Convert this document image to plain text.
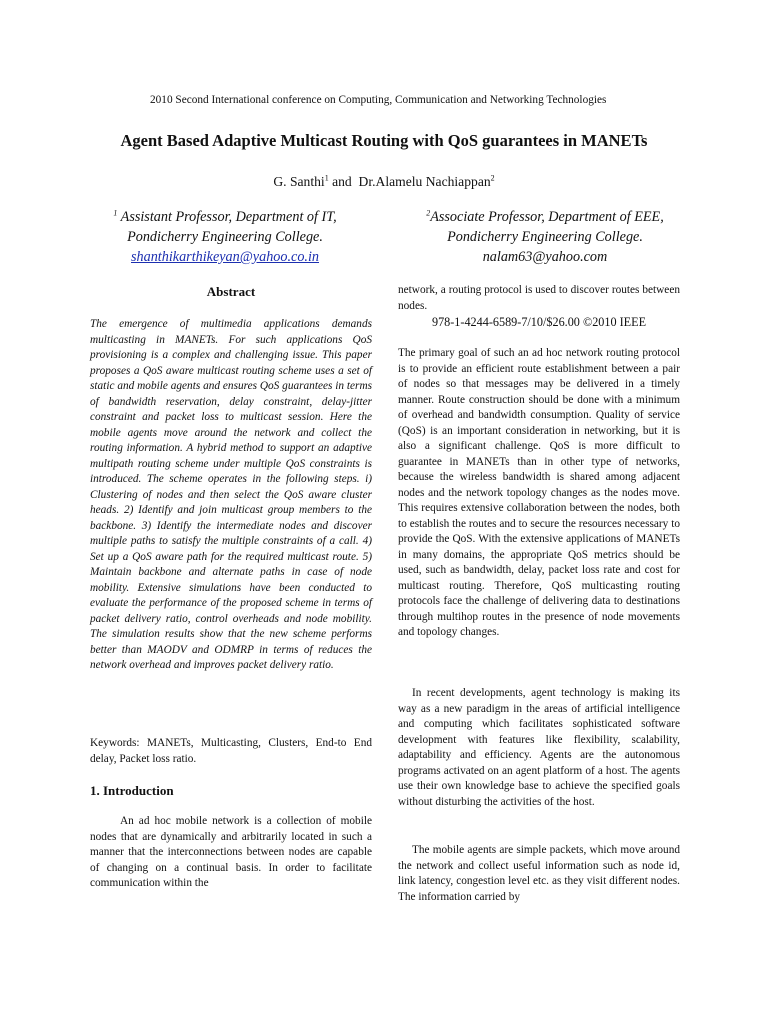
2010 Second International conference on Computing, Communication and Networking Technologies
Agent Based Adaptive Multicast Routing with QoS guarantees in MANETs
G. Santhi$^1$ and  Dr.Alamelu Nachiappan$^2$
$^1$ Assistant Professor, Department of IT,
Pondicherry Engineering College.
shanthikarthikeyan@yahoo.co.in
$^2$Associate Professor, Department of EEE,
Pondicherry Engineering College.
nalam63@yahoo.com
Abstract

The emergence of multimedia applications demands multicasting in MANETs. For such applications QoS provisioning is a complex and challenging issue. This paper proposes a QoS aware multicast routing scheme uses a set of static and mobile agents and ensures QoS guarantees in terms of bandwidth reservation, delay constraint, delay-jitter constraint and packet loss to multicast session. Here the mobile agents move around the network and collect the routing information. A hybrid method to support an adaptive multipath routing scheme under multiple QoS constraints is introduced. The scheme operates in the following steps. i) Clustering of nodes and then select the QoS aware cluster heads. 2) Identify and join multicast group members to the backbone. 3) Identify the intermediate nodes and discover multiple paths to satisfy the multiple constraints of a call. 4) Set up a QoS aware path for the required multicast route. 5) Maintain backbone and alternate paths in case of node mobility. Extensive simulations have been conducted to evaluate the performance of the proposed scheme in terms of packet delivery ratio, control overheads and node mobility. The simulation results show that the new scheme performs better than MAODV and ODMRP in terms of reduces the network overhead and improves packet delivery ratio.

Keywords: MANETs, Multicasting, Clusters, End-to End delay, Packet loss ratio.

1. Introduction

An ad hoc mobile network is a collection of mobile nodes that are dynamically and arbitrarily located in such a manner that the interconnections between nodes are capable of changing on a continual basis. In order to facilitate communication within the

network, a routing protocol is used to discover routes between nodes.

978-1-4244-6589-7/10/$26.00 ©2010 IEEE

The primary goal of such an ad hoc network routing protocol is to provide an efficient route establishment between a pair of nodes so that messages may be delivered in a timely manner. Route construction should be done with a minimum of overhead and bandwidth consumption. Quality of service (QoS) is an important consideration in networking, but it is also a significant challenge. QoS is more difficult to guarantee in MANETs than in other type of networks, because the wireless bandwidth is shared among adjacent nodes and the network topology changes as the nodes move. This requires extensive collaboration between the nodes, both to establish the routes and to secure the resources necessary to provide the QoS. With the extensive applications of MANETs in many domains, the appropriate QoS metrics should be used, such as bandwidth, delay, packet loss rate and cost for multicast routing. Therefore, QoS multicasting routing protocols face the challenge of delivering data to destinations through multihop routes in the presence of node movements and topology changes.

In recent developments, agent technology is making its way as a new paradigm in the areas of artificial intelligence and computing which facilitates sophisticated software development with features like flexibility, scalability, adaptability and efficiency. Agents are the autonomous programs activated on an agent platform of a host. The agents use their own knowledge base to achieve the specified goals without disturbing the activities of the host.

The mobile agents are simple packets, which move around the network and collect useful information such as node id, link latency, congestion level etc. as they visit different nodes. The information carried by
